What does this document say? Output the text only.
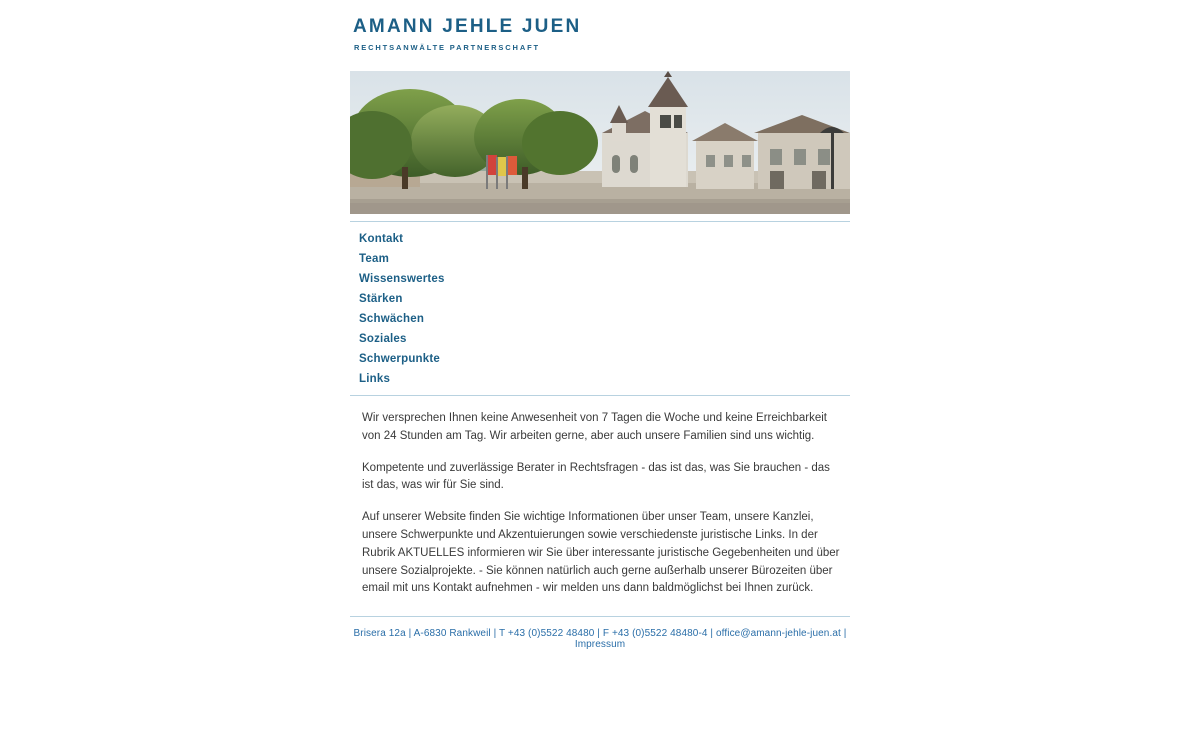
AMANN JEHLE JUEN
RECHTSANWÄLTE PARTNERSCHAFT
Kontakt
Team
Wissenswertes
Stärken
Schwächen
Soziales
Schwerpunkte
Links

Wir versprechen Ihnen keine Anwesenheit von 7 Tagen die Woche und keine Erreichbarkeit von 24 Stunden am Tag. Wir arbeiten gerne, aber auch unsere Familien sind uns wichtig.

Kompetente und zuverlässige Berater in Rechtsfragen - das ist das, was Sie brauchen - das ist das, was wir für Sie sind.

Auf unserer Website finden Sie wichtige Informationen über unser Team, unsere Kanzlei, unsere Schwerpunkte und Akzentuierungen sowie verschiedenste juristische Links. In der Rubrik AKTUELLES informieren wir Sie über interessante juristische Gegebenheiten und über unsere Sozialprojekte. - Sie können natürlich auch gerne außerhalb unserer Bürozeiten über email mit uns Kontakt aufnehmen - wir melden uns dann baldmöglichst bei Ihnen zurück.

Brisera 12a | A-6830 Rankweil | T +43 (0)5522 48480 | F +43 (0)5522 48480-4 | office@amann-jehle-juen.at | Impressum
